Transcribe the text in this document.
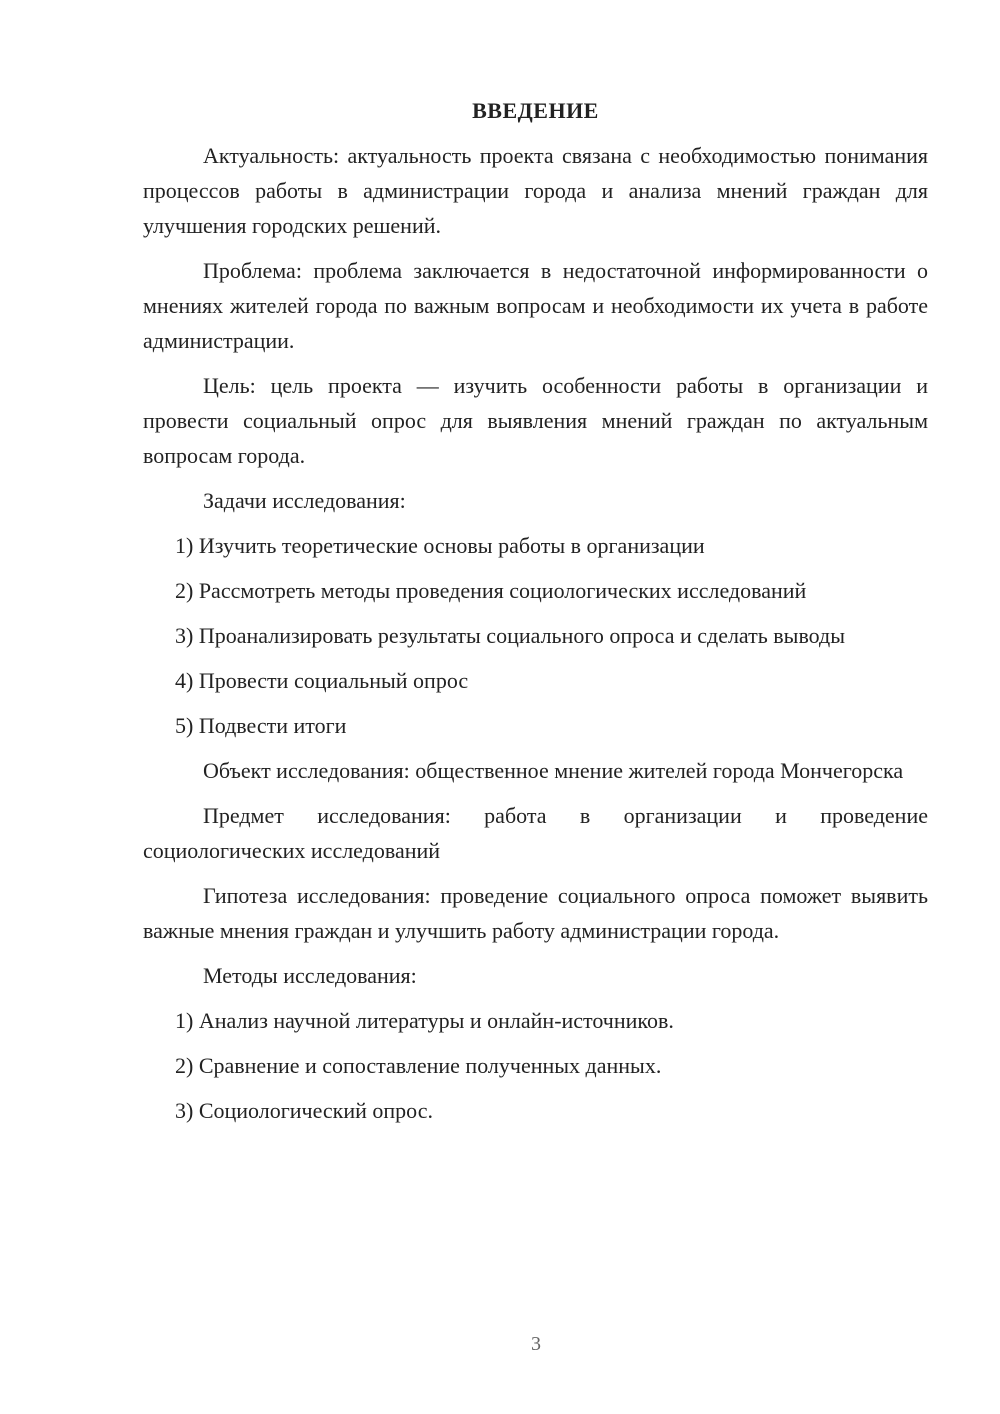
ВВЕДЕНИЕ

Актуальность: актуальность проекта связана с необходимостью понимания процессов работы в администрации города и анализа мнений граждан для улучшения городских решений.

Проблема: проблема заключается в недостаточной информированности о мнениях жителей города по важным вопросам и необходимости их учета в работе администрации.

Цель: цель проекта — изучить особенности работы в организации и провести социальный опрос для выявления мнений граждан по актуальным вопросам города.

Задачи исследования:

1) Изучить теоретические основы работы в организации

2) Рассмотреть методы проведения социологических исследований

3) Проанализировать результаты социального опроса и сделать выводы

4) Провести социальный опрос

5) Подвести итоги

Объект исследования: общественное мнение жителей города Мончегорска

Предмет исследования: работа в организации и проведение социологических исследований

Гипотеза исследования: проведение социального опроса поможет выявить важные мнения граждан и улучшить работу администрации города.

Методы исследования:

1) Анализ научной литературы и онлайн-источников.

2) Сравнение и сопоставление полученных данных.

3) Социологический опрос.

3
